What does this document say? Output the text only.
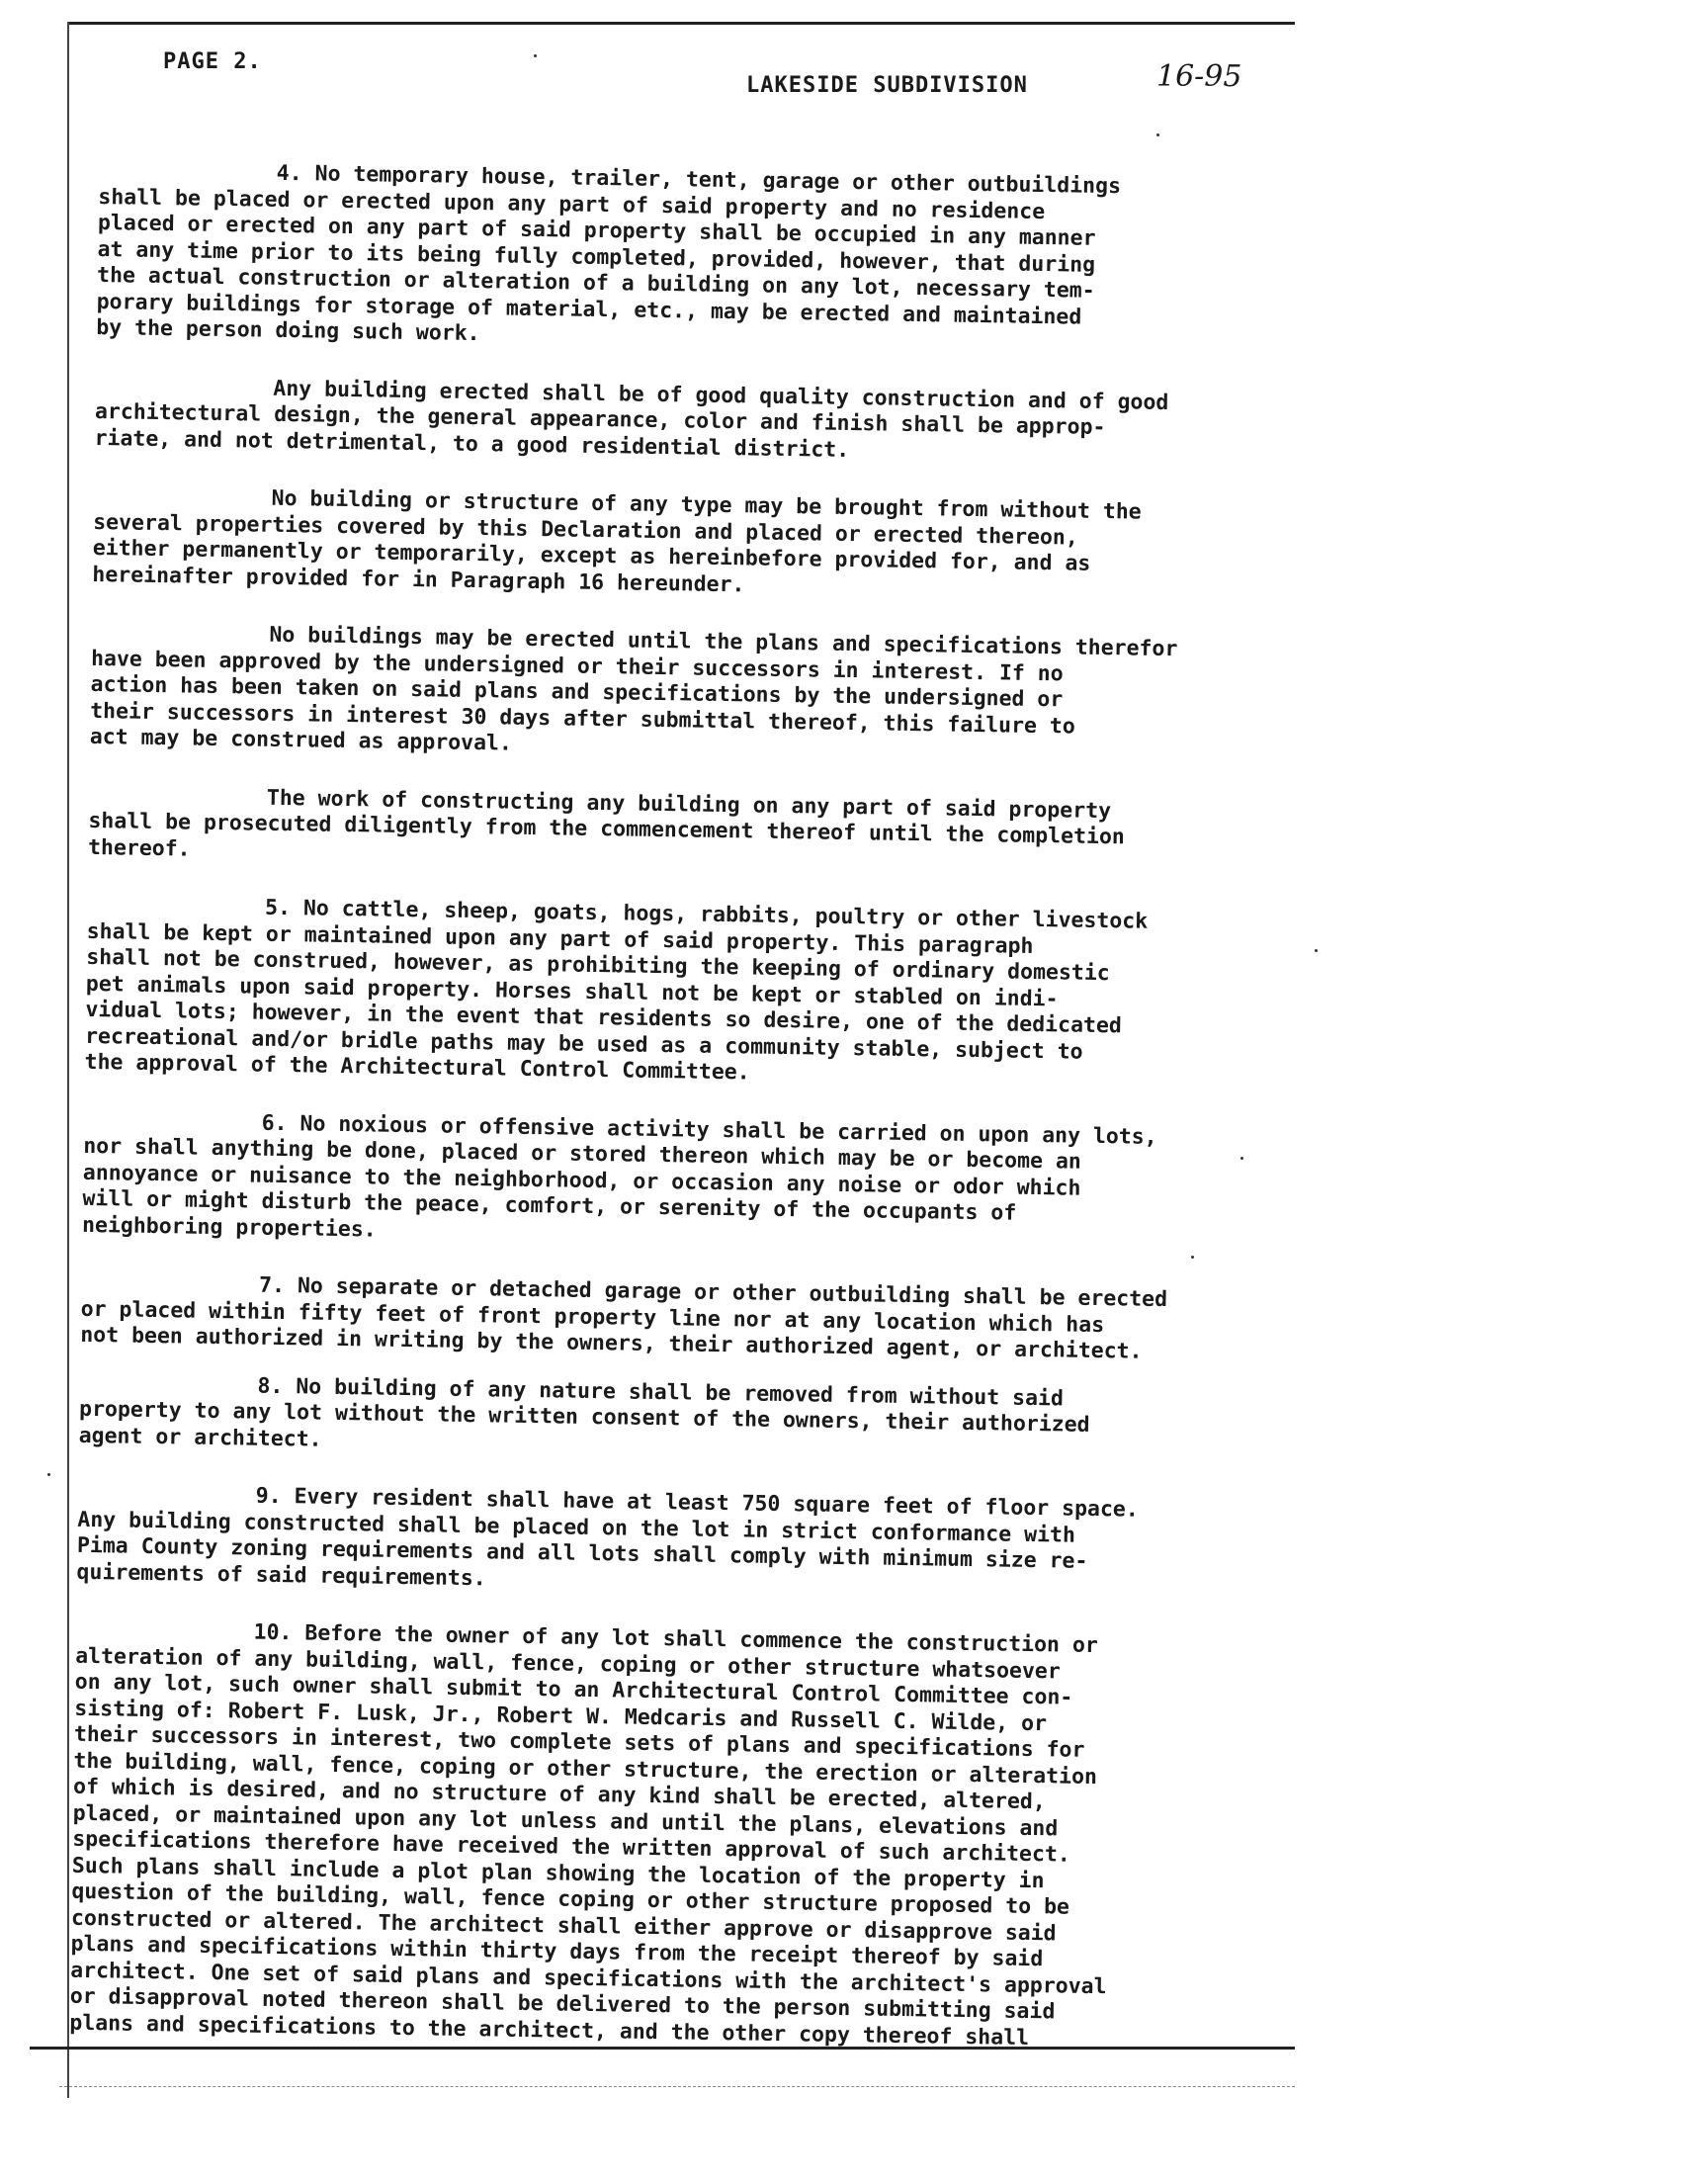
PAGE 2.
LAKESIDE SUBDIVISION	16-95

4. No temporary house, trailer, tent, garage or other outbuildings
shall be placed or erected upon any part of said property and no residence
placed or erected on any part of said property shall be occupied in any manner
at any time prior to its being fully completed, provided, however, that during
the actual construction or alteration of a building on any lot, necessary tem-
porary buildings for storage of material, etc., may be erected and maintained
by the person doing such work.

Any building erected shall be of good quality construction and of good
architectural design, the general appearance, color and finish shall be approp-
riate, and not detrimental, to a good residential district.

No building or structure of any type may be brought from without the
several properties covered by this Declaration and placed or erected thereon,
either permanently or temporarily, except as hereinbefore provided for, and as
hereinafter provided for in Paragraph 16 hereunder.

No buildings may be erected until the plans and specifications therefor
have been approved by the undersigned or their successors in interest. If no
action has been taken on said plans and specifications by the undersigned or
their successors in interest 30 days after submittal thereof, this failure to
act may be construed as approval.

The work of constructing any building on any part of said property
shall be prosecuted diligently from the commencement thereof until the completion
thereof.

5. No cattle, sheep, goats, hogs, rabbits, poultry or other livestock
shall be kept or maintained upon any part of said property. This paragraph
shall not be construed, however, as prohibiting the keeping of ordinary domestic
pet animals upon said property. Horses shall not be kept or stabled on indi-
vidual lots; however, in the event that residents so desire, one of the dedicated
recreational and/or bridle paths may be used as a community stable, subject to
the approval of the Architectural Control Committee.

6. No noxious or offensive activity shall be carried on upon any lots,
nor shall anything be done, placed or stored thereon which may be or become an
annoyance or nuisance to the neighborhood, or occasion any noise or odor which
will or might disturb the peace, comfort, or serenity of the occupants of
neighboring properties.

7. No separate or detached garage or other outbuilding shall be erected
or placed within fifty feet of front property line nor at any location which has
not been authorized in writing by the owners, their authorized agent, or architect.

8. No building of any nature shall be removed from without said
property to any lot without the written consent of the owners, their authorized
agent or architect.

9. Every resident shall have at least 750 square feet of floor space.
Any building constructed shall be placed on the lot in strict conformance with
Pima County zoning requirements and all lots shall comply with minimum size re-
quirements of said requirements.

10. Before the owner of any lot shall commence the construction or
alteration of any building, wall, fence, coping or other structure whatsoever
on any lot, such owner shall submit to an Architectural Control Committee con-
sisting of: Robert F. Lusk, Jr., Robert W. Medcaris and Russell C. Wilde, or
their successors in interest, two complete sets of plans and specifications for
the building, wall, fence, coping or other structure, the erection or alteration
of which is desired, and no structure of any kind shall be erected, altered,
placed, or maintained upon any lot unless and until the plans, elevations and
specifications therefore have received the written approval of such architect.
Such plans shall include a plot plan showing the location of the property in
question of the building, wall, fence coping or other structure proposed to be
constructed or altered. The architect shall either approve or disapprove said
plans and specifications within thirty days from the receipt thereof by said
architect. One set of said plans and specifications with the architect's approval
or disapproval noted thereon shall be delivered to the person submitting said
plans and specifications to the architect, and the other copy thereof shall
